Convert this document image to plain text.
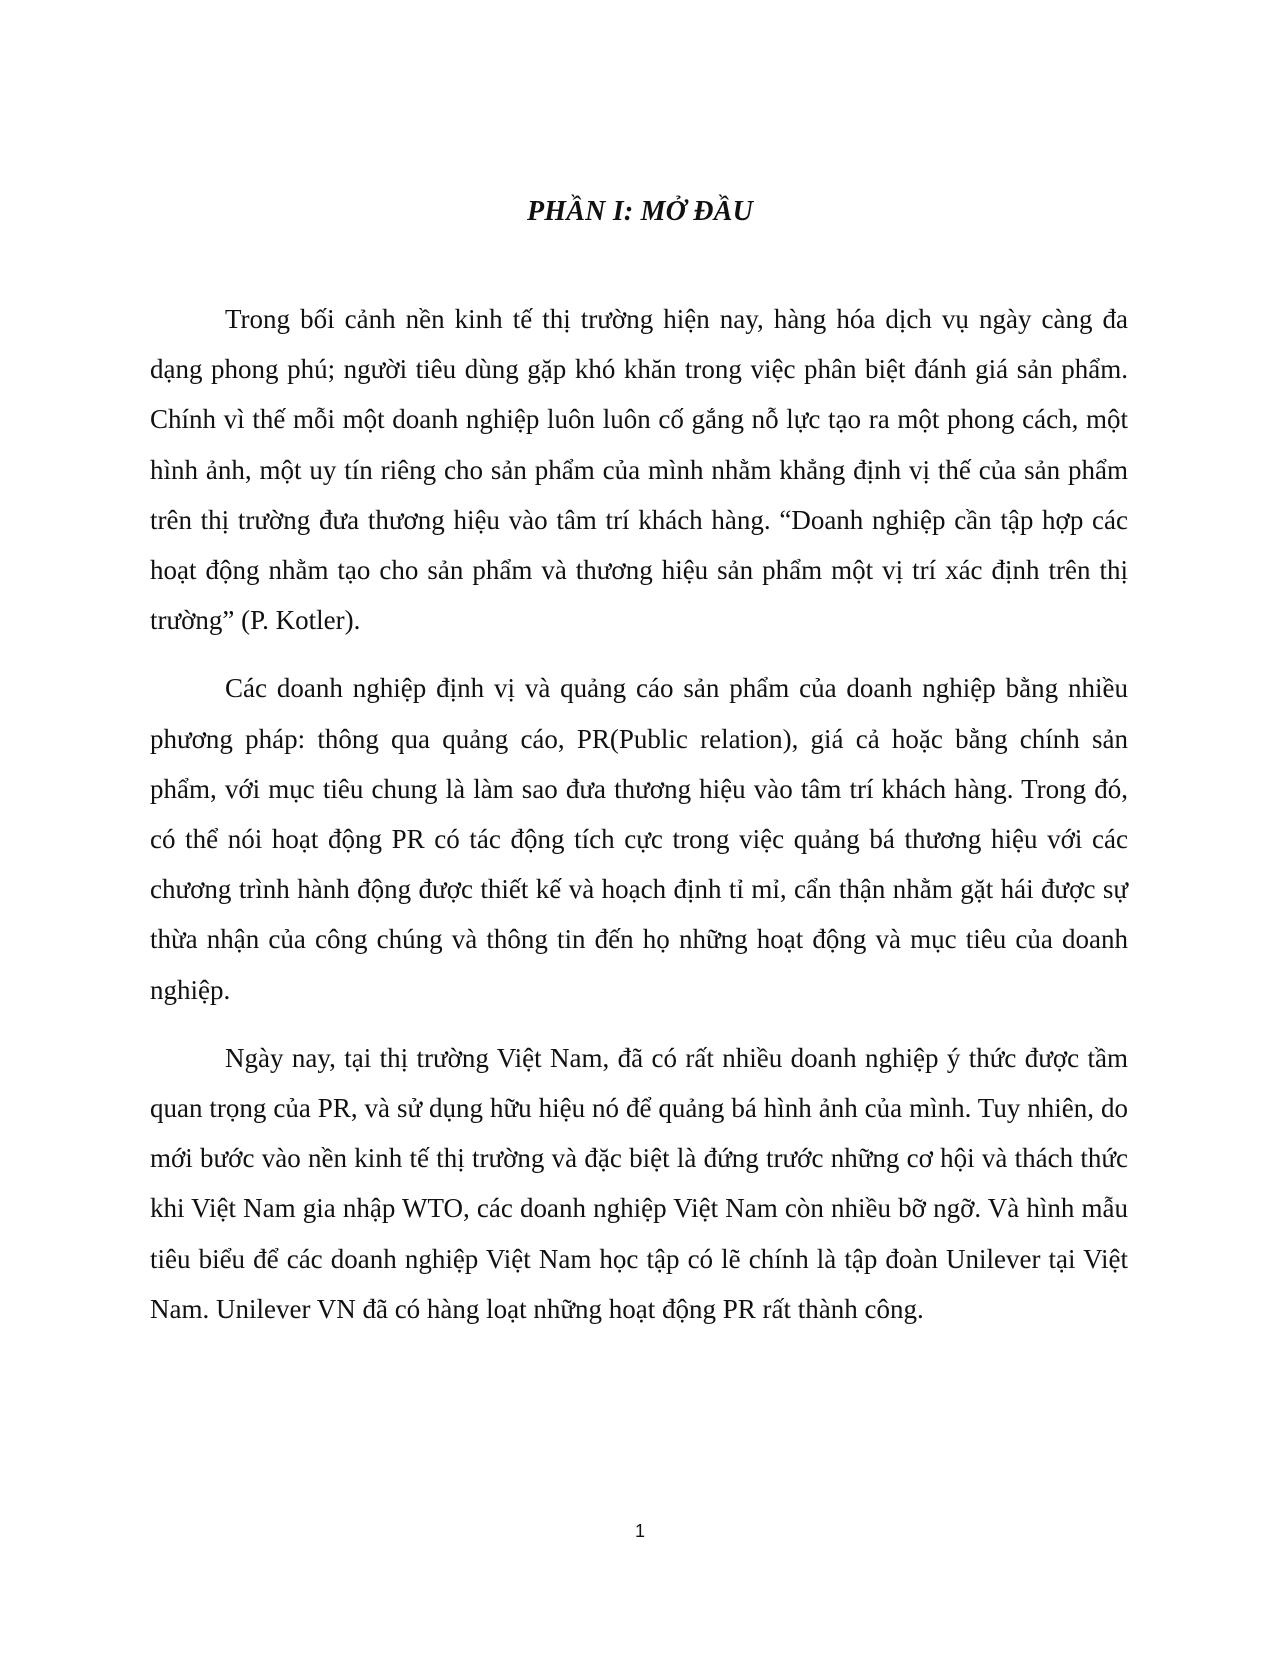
PHẦN I: MỞ ĐẦU

Trong bối cảnh nền kinh tế thị trường hiện nay, hàng hóa dịch vụ ngày càng đa dạng phong phú; người tiêu dùng gặp khó khăn trong việc phân biệt đánh giá sản phẩm. Chính vì thế mỗi một doanh nghiệp luôn luôn cố gắng nỗ lực tạo ra một phong cách, một hình ảnh, một uy tín riêng cho sản phẩm của mình nhằm khẳng định vị thế của sản phẩm trên thị trường đưa thương hiệu vào tâm trí khách hàng. “Doanh nghiệp cần tập hợp các hoạt động nhằm tạo cho sản phẩm và thương hiệu sản phẩm một vị trí xác định trên thị trường” (P. Kotler).

Các doanh nghiệp định vị và quảng cáo sản phẩm của doanh nghiệp bằng nhiều phương pháp: thông qua quảng cáo, PR(Public relation), giá cả hoặc bằng chính sản phẩm, với mục tiêu chung là làm sao đưa thương hiệu vào tâm trí khách hàng. Trong đó, có thể nói hoạt động PR có tác động tích cực trong việc quảng bá thương hiệu với các chương trình hành động được thiết kế và hoạch định tỉ mỉ, cẩn thận nhằm gặt hái được sự thừa nhận của công chúng và thông tin đến họ những hoạt động và mục tiêu của doanh nghiệp.

Ngày nay, tại thị trường Việt Nam, đã có rất nhiều doanh nghiệp ý thức được tầm quan trọng của PR, và sử dụng hữu hiệu nó để quảng bá hình ảnh của mình. Tuy nhiên, do mới bước vào nền kinh tế thị trường và đặc biệt là đứng trước những cơ hội và thách thức khi Việt Nam gia nhập WTO, các doanh nghiệp Việt Nam còn nhiều bỡ ngỡ. Và hình mẫu tiêu biểu để các doanh nghiệp Việt Nam học tập có lẽ chính là tập đoàn Unilever tại Việt Nam. Unilever VN đã có hàng loạt những hoạt động PR rất thành công.

1
